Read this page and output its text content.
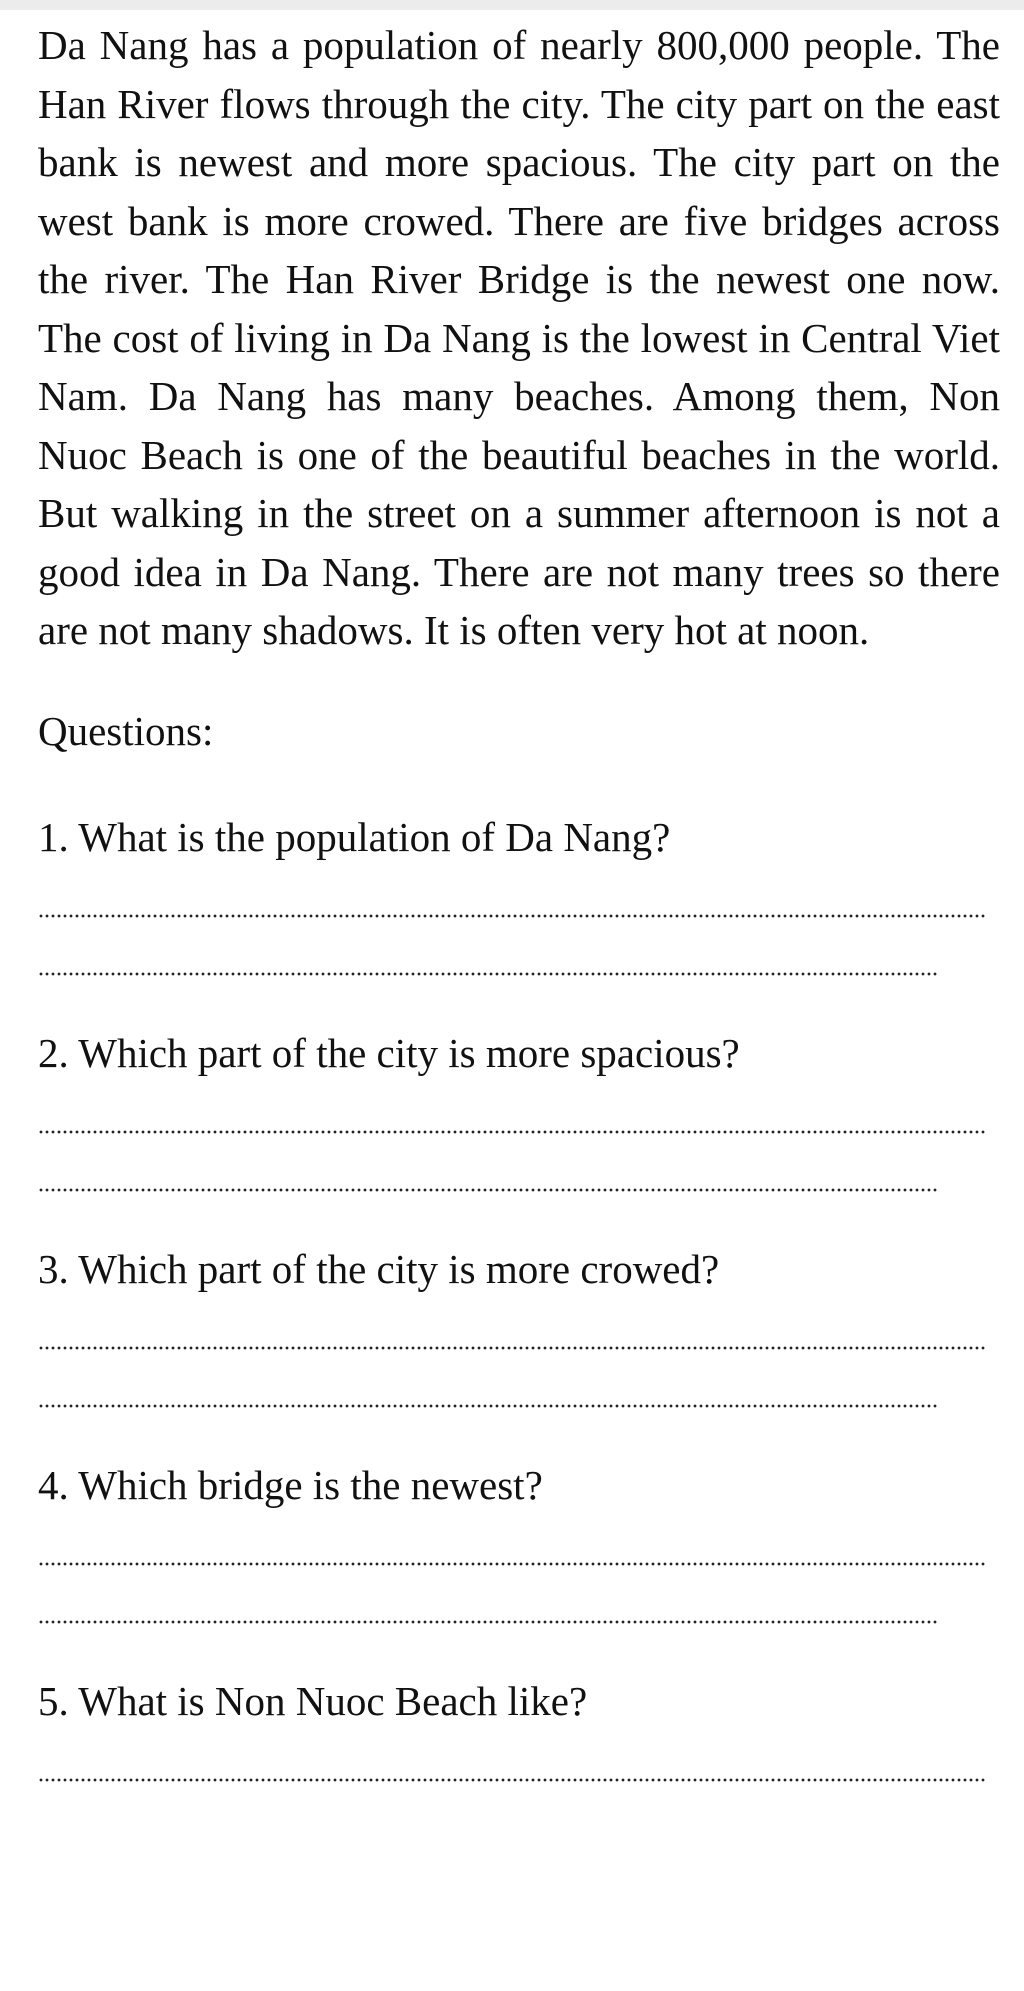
Da Nang has a population of nearly 800,000 people. The Han River flows through the city. The city part on the east bank is newest and more spacious. The city part on the west bank is more crowed. There are five bridges across the river. The Han River Bridge is the newest one now. The cost of living in Da Nang is the lowest in Central Viet Nam. Da Nang has many beaches. Among them, Non Nuoc Beach is one of the beautiful beaches in the world. But walking in the street on a summer afternoon is not a good idea in Da Nang. There are not many trees so there are not many shadows. It is often very hot at noon.

Questions:

1. What is the population of Da Nang?

2. Which part of the city is more spacious?

3. Which part of the city is more crowed?

4. Which bridge is the newest?

5. What is Non Nuoc Beach like?
